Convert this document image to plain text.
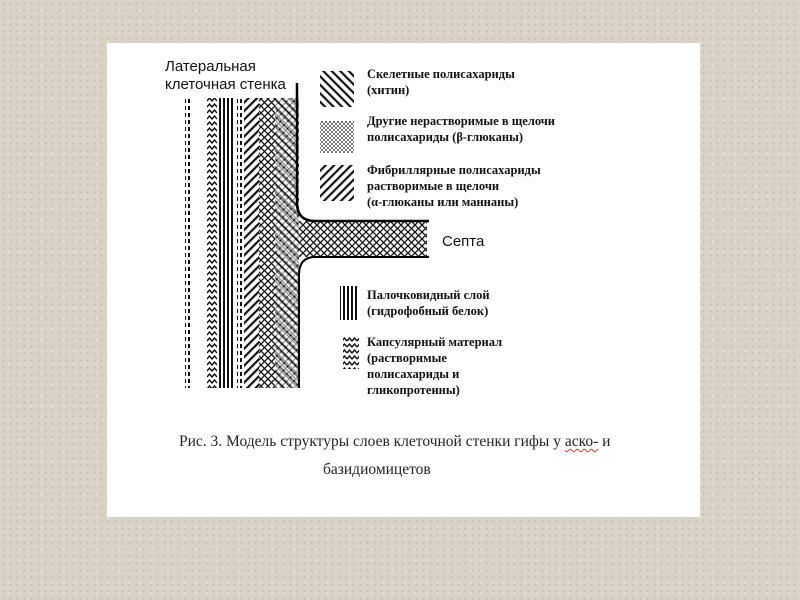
Латеральная
клеточная стенка
Септа
Скелетные полисахариды
(хитин)
Другие нерастворимые в щелочи
полисахариды (β-глюканы)
Фибриллярные полисахариды
растворимые в щелочи
(α-глюканы или маннаны)
Палочковидный слой
(гидрофобный белок)
Капсулярный материал
(растворимые
полисахариды и
гликопротеины)
Рис. 3. Модель структуры слоев клеточной стенки гифы у аско- и
базидиомицетов
